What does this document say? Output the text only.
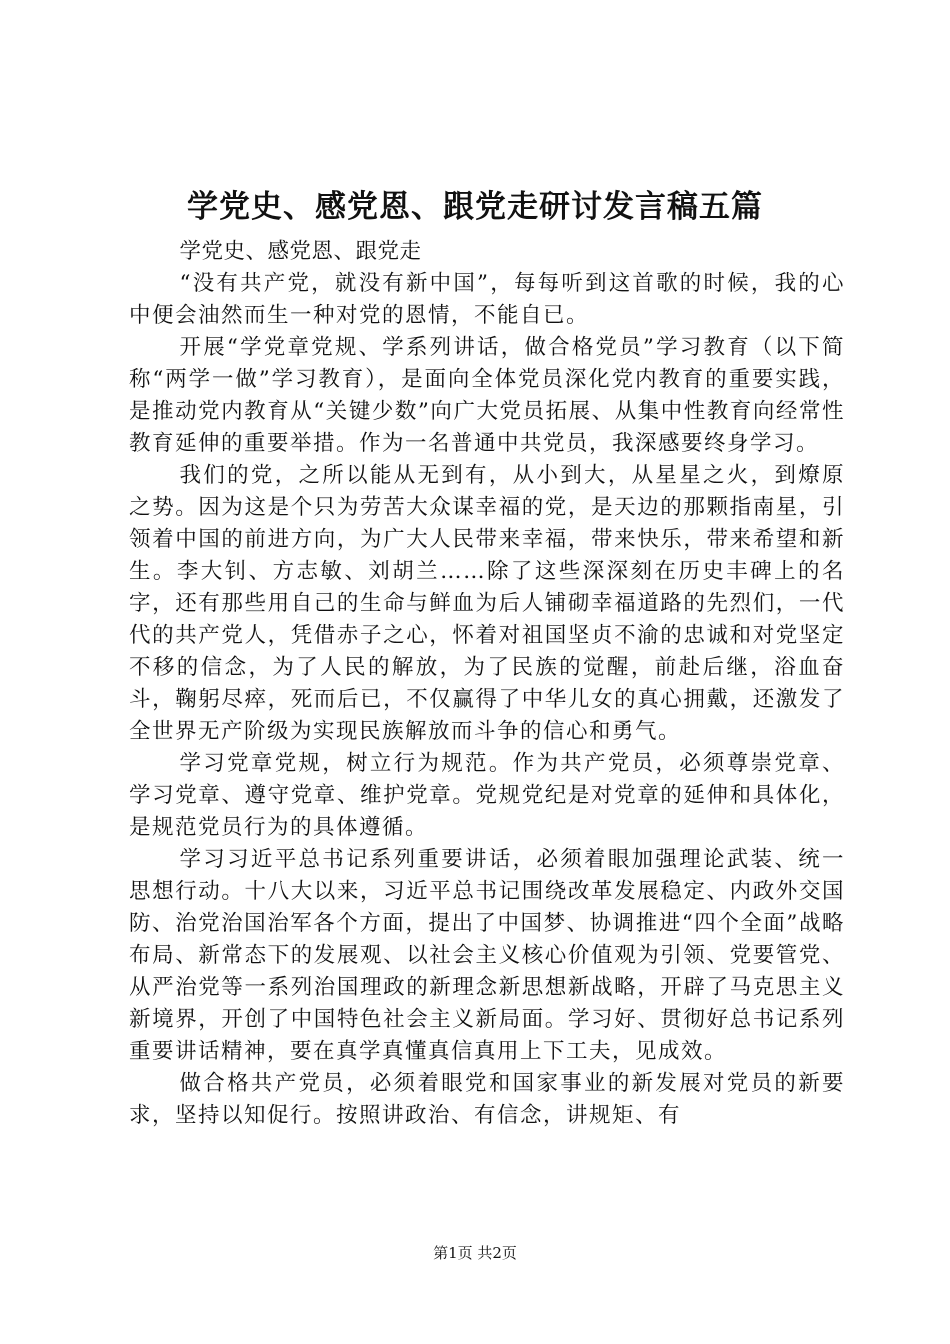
学党史、感党恩、跟党走研讨发言稿五篇

学党史、感党恩、跟党走

“没有共产党，就没有新中国”，每每听到这首歌的时候，我的心中便会油然而生一种对党的恩情，不能自已。

开展“学党章党规、学系列讲话，做合格党员”学习教育（以下简称“两学一做”学习教育），是面向全体党员深化党内教育的重要实践，是推动党内教育从“关键少数”向广大党员拓展、从集中性教育向经常性教育延伸的重要举措。作为一名普通中共党员，我深感要终身学习。

我们的党，之所以能从无到有，从小到大，从星星之火，到燎原之势。因为这是个只为劳苦大众谋幸福的党，是天边的那颗指南星，引领着中国的前进方向，为广大人民带来幸福，带来快乐，带来希望和新生。李大钊、方志敏、刘胡兰……除了这些深深刻在历史丰碑上的名字，还有那些用自己的生命与鲜血为后人铺砌幸福道路的先烈们，一代代的共产党人，凭借赤子之心，怀着对祖国坚贞不渝的忠诚和对党坚定不移的信念，为了人民的解放，为了民族的觉醒，前赴后继，浴血奋斗，鞠躬尽瘁，死而后已，不仅赢得了中华儿女的真心拥戴，还激发了全世界无产阶级为实现民族解放而斗争的信心和勇气。

学习党章党规，树立行为规范。作为共产党员，必须尊崇党章、学习党章、遵守党章、维护党章。党规党纪是对党章的延伸和具体化，是规范党员行为的具体遵循。

学习习近平总书记系列重要讲话，必须着眼加强理论武装、统一思想行动。十八大以来，习近平总书记围绕改革发展稳定、内政外交国防、治党治国治军各个方面，提出了中国梦、协调推进“四个全面”战略布局、新常态下的发展观、以社会主义核心价值观为引领、党要管党、从严治党等一系列治国理政的新理念新思想新战略，开辟了马克思主义新境界，开创了中国特色社会主义新局面。学习好、贯彻好总书记系列重要讲话精神，要在真学真懂真信真用上下工夫，见成效。

做合格共产党员，必须着眼党和国家事业的新发展对党员的新要求，坚持以知促行。按照讲政治、有信念，讲规矩、有

第1页 共2页
